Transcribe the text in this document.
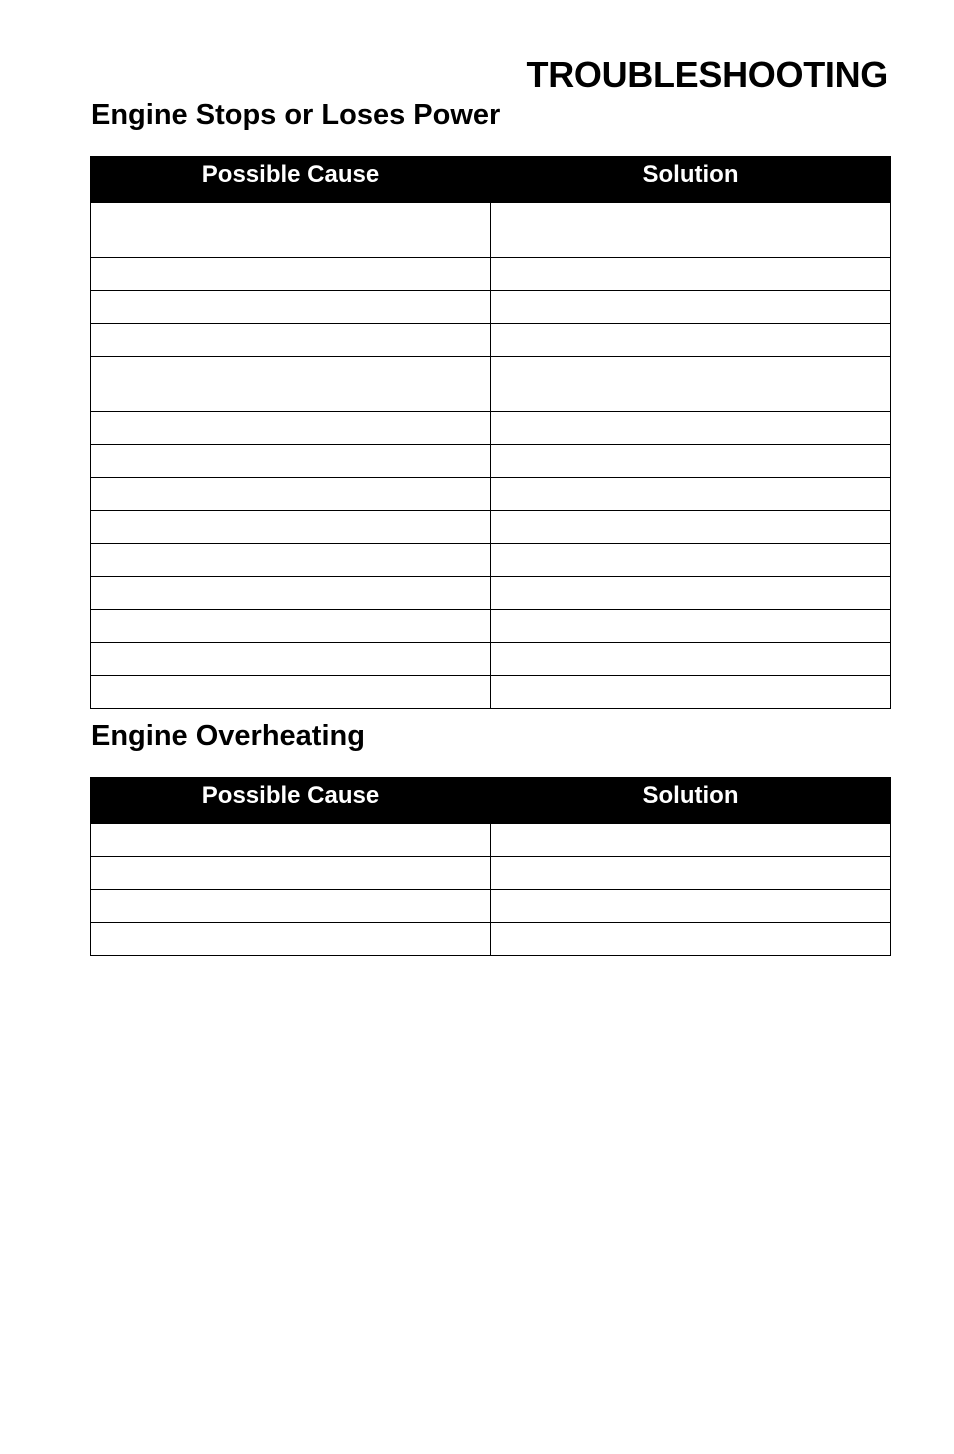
TROUBLESHOOTING
Engine Stops or Loses Power
Possible Cause	Solution

Engine Overheating
Possible Cause	Solution
